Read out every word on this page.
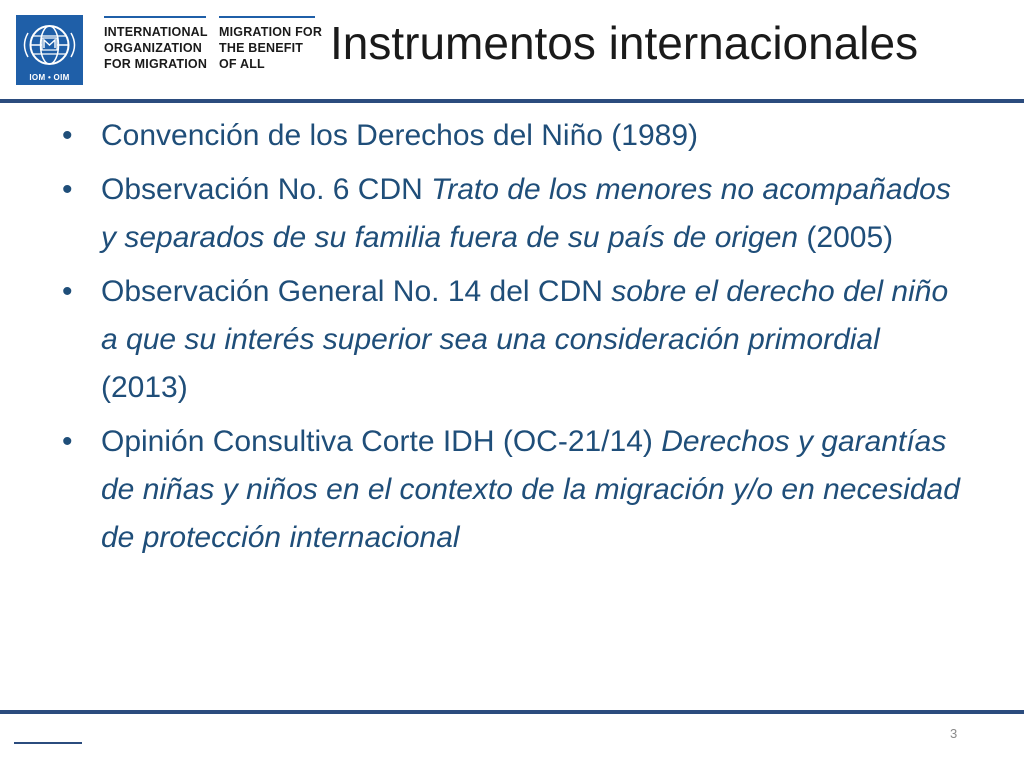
IOM • OIM
INTERNATIONAL
ORGANIZATION
FOR MIGRATION
MIGRATION FOR
THE BENEFIT
OF ALL	Instrumentos internacionales
• Convención de los Derechos del Niño (1989)
• Observación No. 6 CDN Trato de los menores no acompañados y separados de su familia fuera de su país de origen (2005)
• Observación General No. 14 del CDN sobre el derecho del niño a que su interés superior sea una consideración primordial (2013)
• Opinión Consultiva Corte IDH (OC-21/14) Derechos y garantías de niñas y niños en el contexto de la migración y/o en necesidad de protección internacional
3
